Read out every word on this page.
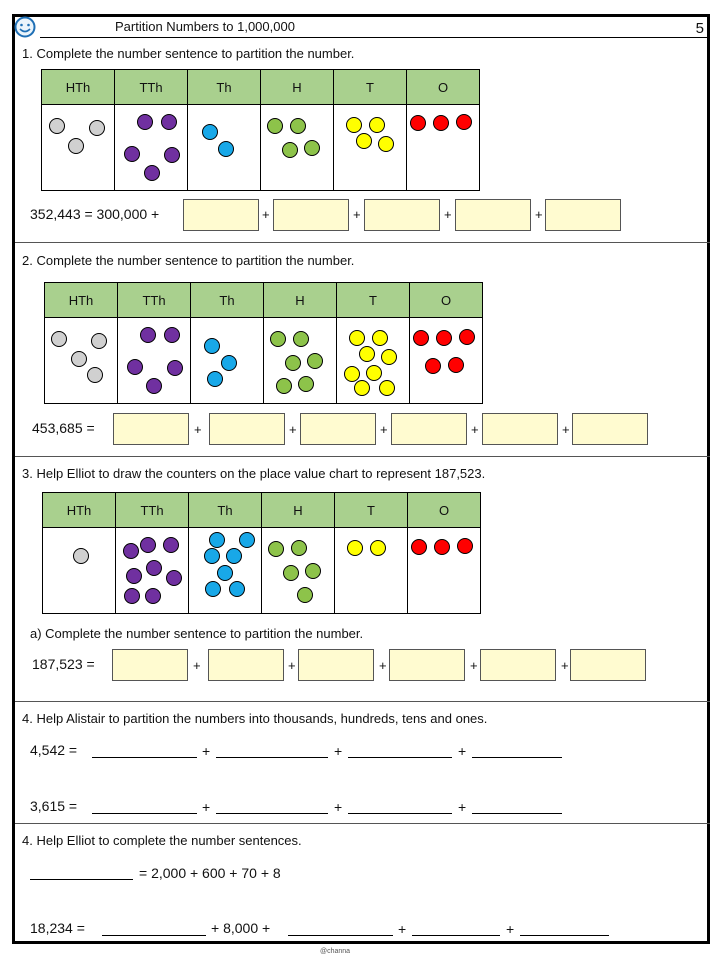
Partition Numbers to 1,000,000	5
1. Complete the number sentence to partition the number.
HTh	TTh	Th	H	T	O

352,443 = 300,000 +	+	+	+	+
2. Complete the number sentence to partition the number.
HTh	TTh	Th	H	T	O

453,685 =	+	+	+	+	+
3. Help Elliot to draw the counters on the place value chart to represent 187,523.
HTh	TTh	Th	H	T	O

a) Complete the number sentence to partition the number.
187,523 =	+	+	+	+	+
4. Help Alistair to partition the numbers into thousands, hundreds, tens and ones.
4,542 =	+	+	+
3,615 =	+	+	+
4. Help Elliot to complete the number sentences.
= 2,000 + 600 + 70 + 8
18,234 =	+ 8,000 +	+	+
@channa
